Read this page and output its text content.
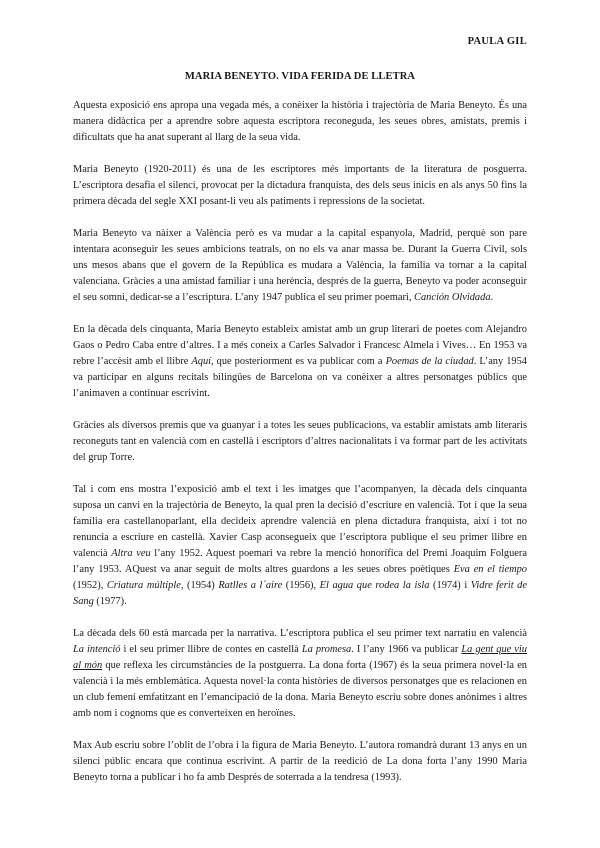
PAULA GIL
MARIA BENEYTO. VIDA FERIDA DE LLETRA

Aquesta exposició ens apropa una vegada més, a conèixer la història i trajectòria de Maria Beneyto. És una manera didàctica per a aprendre sobre aquesta escriptora reconeguda, les seues obres, amistats, premis i dificultats que ha anat superant al llarg de la seua vida.

Maria Beneyto (1920-2011) és una de les escriptores més importants de la literatura de posguerra. L’escriptora desafia el silenci, provocat per la dictadura franquista, des dels seus inicis en als anys 50 fins la primera dècada del segle XXI posant-li veu als patiments i repressions de la societat.

Maria Beneyto va nàixer a València però es va mudar a la capital espanyola, Madrid, perquè son pare intentara aconseguir les seues ambicions teatrals, on no els va anar massa be. Durant la Guerra Civil, sols uns mesos abans que el govern de la República es mudara a València, la família va tornar a la capital valenciana. Gràcies a una amistad familiar i una herència, després de la guerra, Beneyto va poder aconseguir el seu somni, dedicar-se a l’escriptura. L’any 1947 publica el seu primer poemari, Canción Olvidada.

En la dècada dels cinquanta, Maria Beneyto estableix amistat amb un grup literari de poetes com Alejandro Gaos o Pedro Caba entre d’altres. I a més coneix a Carles Salvador i Francesc Almela i Vives… En 1953 va rebre l’accèsit amb el llibre Aquí, que posteriorment es va publicar com a Poemas de la ciudad. L’any 1954 va participar en alguns recitals bilingües de Barcelona on va conèixer a altres personatges públics que l’animaven a continuar escrivint.

Gràcies als diversos premis que va guanyar i a totes les seues publicacions, va establir amistats amb literaris reconeguts tant en valencià com en castellà i escriptors d’altres nacionalitats i va formar part de les activitats del grup Torre.

Tal i com ens mostra l’exposició amb el text i les imatges que l’acompanyen, la dècada dels cinquanta suposa un canvi en la trajectòria de Beneyto, la qual pren la decisió d’escriure en valencià. Tot i que la seua família era castellanoparlant, ella decideix aprendre valencià en plena dictadura franquista, així i tot no renuncia a escriure en castellà. Xavier Casp aconsegueix que l’escriptora publique el seu primer llibre en valencià Altra veu l’any 1952. Aquest poemari va rebre la menció honorífica del Premi Joaquim Folguera l’any 1953. AQuest va anar seguit de molts altres guardons a les seues obres poètiques Eva en el tiempo (1952), Criatura múltiple, (1954) Ratlles a l´aire (1956), El agua que rodea la isla (1974) i Vidre ferit de Sang (1977).

La dècada dels 60 està marcada per la narrativa. L’escriptora publica el seu primer text narratiu en valencià La intenció i el seu primer llibre de contes en castellà La promesa. I l’any 1966 va publicar La gent que viu al món que reflexa les circumstàncies de la postguerra. La dona forta (1967) és la seua primera novel·la en valencià i la més emblemàtica. Aquesta novel·la conta històries de diversos personatges que es relacionen en un club femení emfatitzant en l’emancipació de la dona. Maria Beneyto escriu sobre dones anònimes i altres amb nom i cognoms que es converteixen en heroïnes.

Max Aub escriu sobre l’oblit de l’obra i la figura de Maria Beneyto. L’autora romandrà durant 13 anys en un silenci públic encara que continua escrivint. A partir de la reedició de La dona forta l’any 1990 Maria Beneyto torna a publicar i ho fa amb Després de soterrada a la tendresa (1993).
